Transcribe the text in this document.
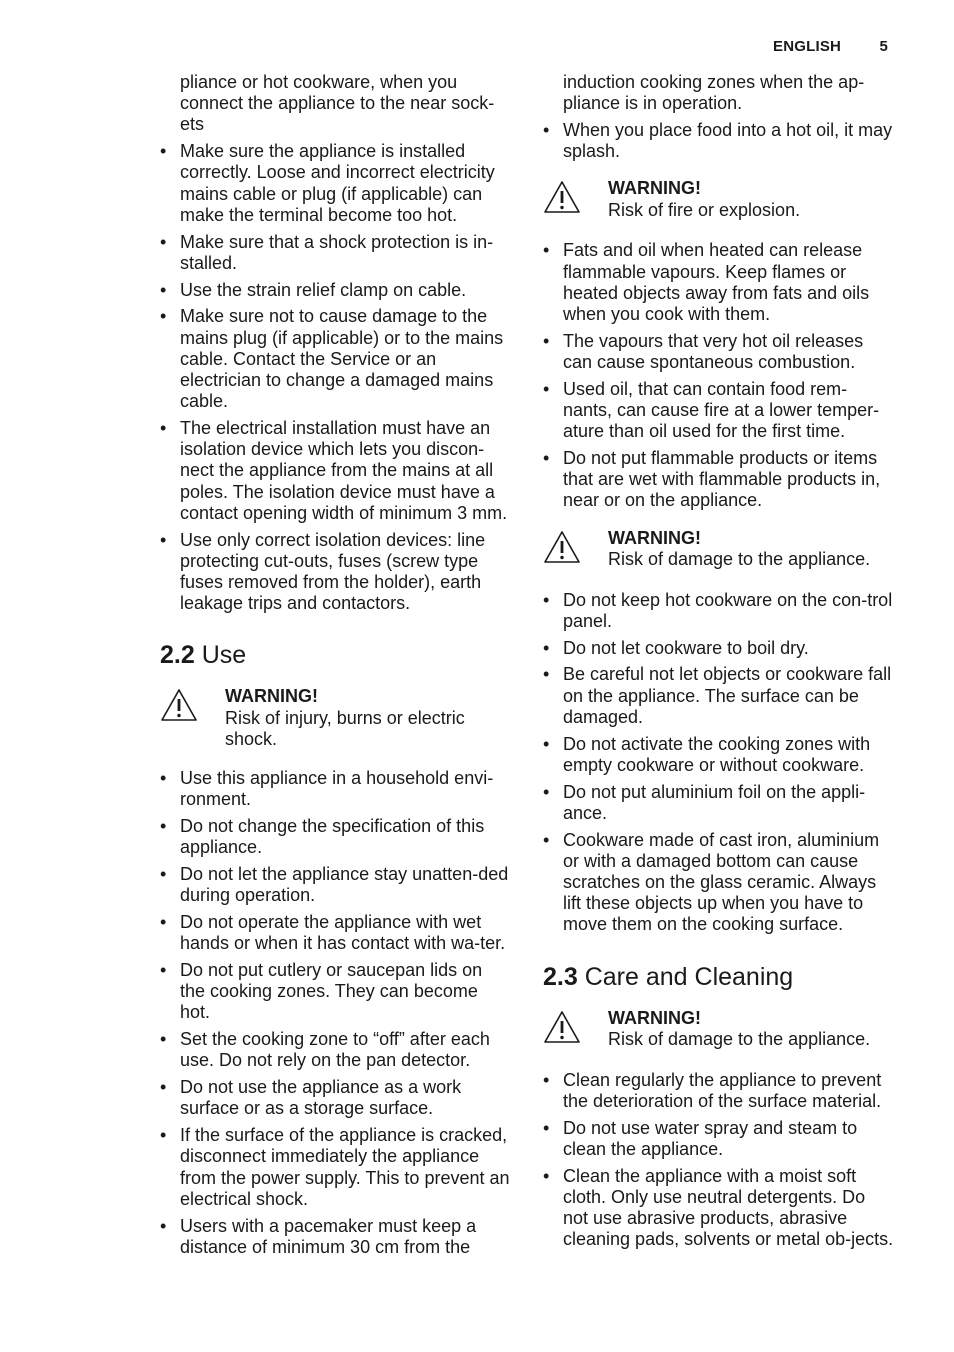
ENGLISH	5

pliance or hot cookware, when you connect the appliance to the near sock-ets

• Make sure the appliance is installed correctly. Loose and incorrect electricity mains cable or plug (if applicable) can make the terminal become too hot.
• Make sure that a shock protection is in-stalled.
• Use the strain relief clamp on cable.
• Make sure not to cause damage to the mains plug (if applicable) or to the mains cable. Contact the Service or an electrician to change a damaged mains cable.
• The electrical installation must have an isolation device which lets you discon-nect the appliance from the mains at all poles. The isolation device must have a contact opening width of minimum 3 mm.
• Use only correct isolation devices: line protecting cut-outs, fuses (screw type fuses removed from the holder), earth leakage trips and contactors.
2.2 Use
WARNING!
Risk of injury, burns or electric shock.
• Use this appliance in a household envi-ronment.
• Do not change the specification of this appliance.
• Do not let the appliance stay unatten-ded during operation.
• Do not operate the appliance with wet hands or when it has contact with wa-ter.
• Do not put cutlery or saucepan lids on the cooking zones. They can become hot.
• Set the cooking zone to “off” after each use. Do not rely on the pan detector.
• Do not use the appliance as a work surface or as a storage surface.
• If the surface of the appliance is cracked, disconnect immediately the appliance from the power supply. This to prevent an electrical shock.
• Users with a pacemaker must keep a distance of minimum 30 cm from the

induction cooking zones when the ap-pliance is in operation.

• When you place food into a hot oil, it may splash.
WARNING!
Risk of fire or explosion.
• Fats and oil when heated can release flammable vapours. Keep flames or heated objects away from fats and oils when you cook with them.
• The vapours that very hot oil releases can cause spontaneous combustion.
• Used oil, that can contain food rem-nants, can cause fire at a lower temper-ature than oil used for the first time.
• Do not put flammable products or items that are wet with flammable products in, near or on the appliance.
WARNING!
Risk of damage to the appliance.
• Do not keep hot cookware on the con-trol panel.
• Do not let cookware to boil dry.
• Be careful not let objects or cookware fall on the appliance. The surface can be damaged.
• Do not activate the cooking zones with empty cookware or without cookware.
• Do not put aluminium foil on the appli-ance.
• Cookware made of cast iron, aluminium or with a damaged bottom can cause scratches on the glass ceramic. Always lift these objects up when you have to move them on the cooking surface.
2.3 Care and Cleaning
WARNING!
Risk of damage to the appliance.
• Clean regularly the appliance to prevent the deterioration of the surface material.
• Do not use water spray and steam to clean the appliance.
• Clean the appliance with a moist soft cloth. Only use neutral detergents. Do not use abrasive products, abrasive cleaning pads, solvents or metal ob-jects.
